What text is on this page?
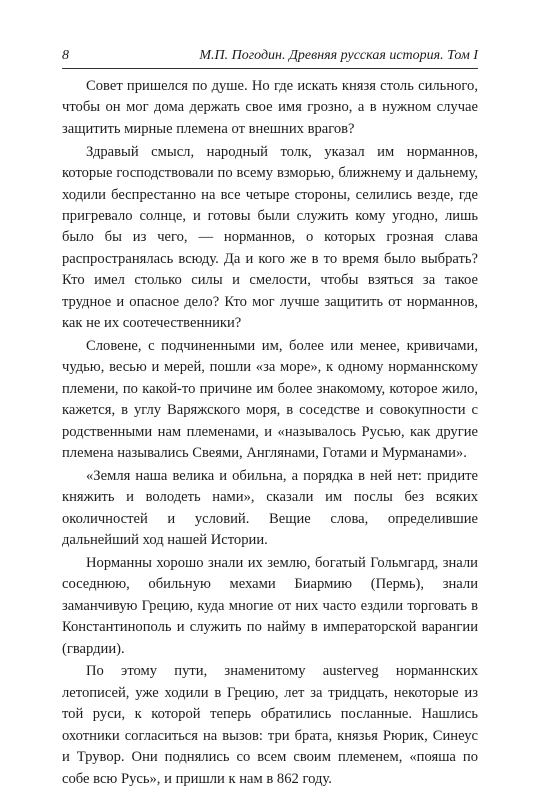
8	М.П. Погодин. Древняя русская история. Том I

Совет пришелся по душе. Но где искать князя столь сильного, чтобы он мог дома держать свое имя грозно, а в нужном случае защитить мирные племена от внешних врагов?

Здравый смысл, народный толк, указал им норманнов, которые господствовали по всему взморью, ближнему и дальнему, ходили беспрестанно на все четыре стороны, селились везде, где пригревало солнце, и готовы были служить кому угодно, лишь было бы из чего, — норманнов, о которых грозная слава распространялась всюду. Да и кого же в то время было выбрать? Кто имел столько силы и смелости, чтобы взяться за такое трудное и опасное дело? Кто мог лучше защитить от норманнов, как не их соотечественники?

Словене, с подчиненными им, более или менее, кривичами, чудью, весью и мерей, пошли «за море», к одному норманнскому племени, по какой-то причине им более знакомому, которое жило, кажется, в углу Варяжского моря, в соседстве и совокупности с родственными нам племенами, и «называлось Русью, как другие племена назывались Свеями, Англянами, Готами и Мурманами».

«Земля наша велика и обильна, а порядка в ней нет: придите княжить и володеть нами», сказали им послы без всяких околичностей и условий. Вещие слова, определившие дальнейший ход нашей Истории.

Норманны хорошо знали их землю, богатый Гольмгард, знали соседнюю, обильную мехами Биармию (Пермь), знали заманчивую Грецию, куда многие от них часто ездили торговать в Константинополь и служить по найму в императорской варангии (гвардии).

По этому пути, знаменитому austerveg норманнских летописей, уже ходили в Грецию, лет за тридцать, некоторые из той руси, к которой теперь обратились посланные. Нашлись охотники согласиться на вызов: три брата, князья Рюрик, Синеус и Трувор. Они поднялись со всем своим племенем, «пояша по собе всю Русь», и пришли к нам в 862 году.
